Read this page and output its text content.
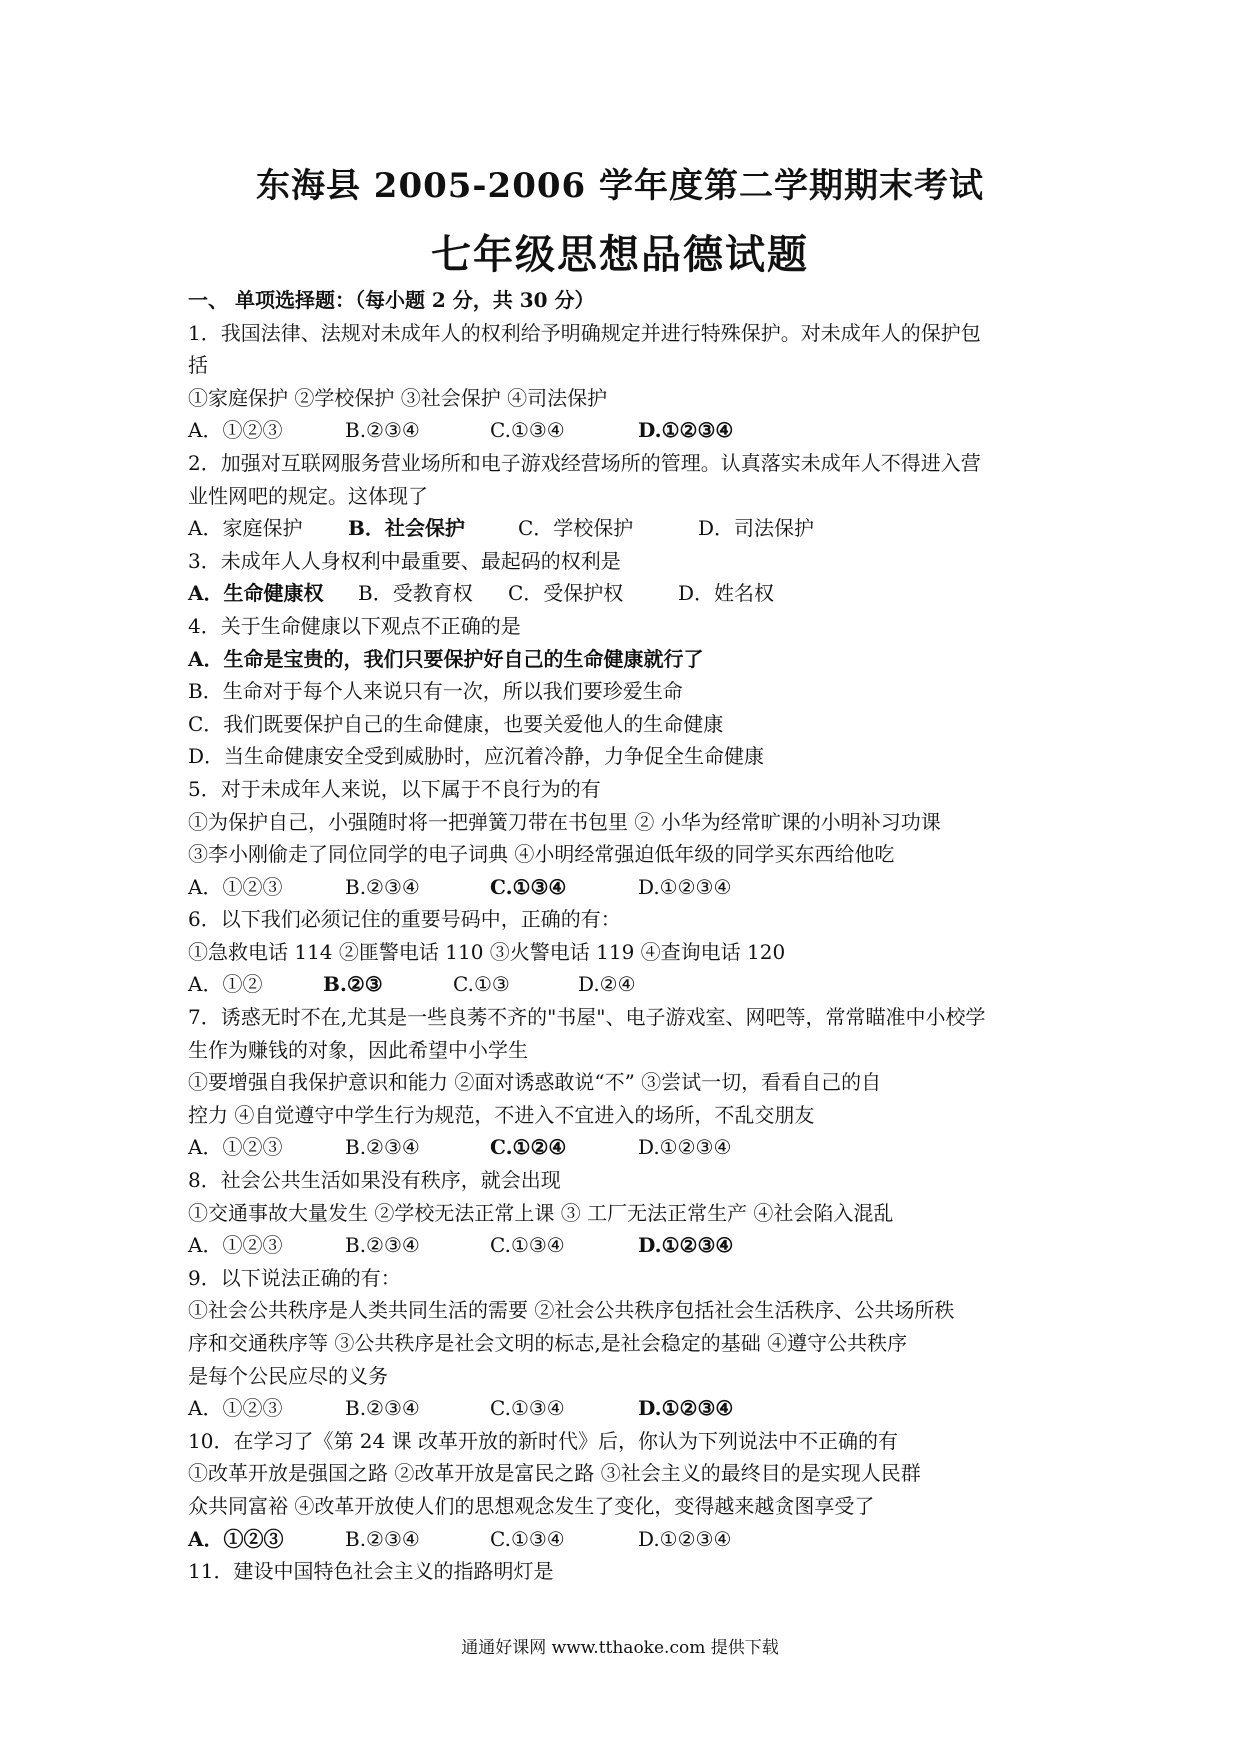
东海县 2005-2006 学年度第二学期期末考试
七年级思想品德试题
一、 单项选择题：（每小题 2 分，共 30 分）
1．我国法律、法规对未成年人的权利给予明确规定并进行特殊保护。对未成年人的保护包
括
①家庭保护 ②学校保护 ③社会保护 ④司法保护
A．①②③	B.②③④	C.①③④	D.①②③④
2．加强对互联网服务营业场所和电子游戏经营场所的管理。认真落实未成年人不得进入营
业性网吧的规定。这体现了
A．家庭保护 B．社会保护	C．学校保护	D．司法保护
3．未成年人人身权利中最重要、最起码的权利是
A．生命健康权 B．受教育权 C．受保护权	D．姓名权
4．关于生命健康以下观点不正确的是
A．生命是宝贵的，我们只要保护好自己的生命健康就行了
B．生命对于每个人来说只有一次，所以我们要珍爱生命
C．我们既要保护自己的生命健康，也要关爱他人的生命健康
D．当生命健康安全受到威胁时，应沉着冷静，力争促全生命健康
5．对于未成年人来说，以下属于不良行为的有
①为保护自己，小强随时将一把弹簧刀带在书包里 ② 小华为经常旷课的小明补习功课
③李小刚偷走了同位同学的电子词典 ④小明经常强迫低年级的同学买东西给他吃
A．①②③	B.②③④	C.①③④	D.①②③④
6．以下我们必须记住的重要号码中，正确的有：
①急救电话 114 ②匪警电话 110 ③火警电话 119 ④查询电话 120
A．①②	B.②③	C.①③	D.②④
7．诱惑无时不在,尤其是一些良莠不齐的"书屋"、电子游戏室、网吧等，常常瞄准中小校学
生作为赚钱的对象，因此希望中小学生
①要增强自我保护意识和能力 ②面对诱惑敢说“不” ③尝试一切，看看自己的自
控力 ④自觉遵守中学生行为规范，不进入不宜进入的场所，不乱交朋友
A．①②③	B.②③④	C.①②④	D.①②③④
8．社会公共生活如果没有秩序，就会出现
①交通事故大量发生 ②学校无法正常上课 ③ 工厂无法正常生产 ④社会陷入混乱
A．①②③	B.②③④	C.①③④	D.①②③④
9．以下说法正确的有：
①社会公共秩序是人类共同生活的需要 ②社会公共秩序包括社会生活秩序、公共场所秩
序和交通秩序等 ③公共秩序是社会文明的标志,是社会稳定的基础 ④遵守公共秩序
是每个公民应尽的义务
A．①②③	B.②③④	C.①③④	D.①②③④
10．在学习了《第 24 课 改革开放的新时代》后，你认为下列说法中不正确的有
①改革开放是强国之路 ②改革开放是富民之路 ③社会主义的最终目的是实现人民群
众共同富裕 ④改革开放使人们的思想观念发生了变化，变得越来越贪图享受了
A．①②③	B.②③④	C.①③④	D.①②③④
11．建设中国特色社会主义的指路明灯是
通通好课网 www.tthaoke.com 提供下载
